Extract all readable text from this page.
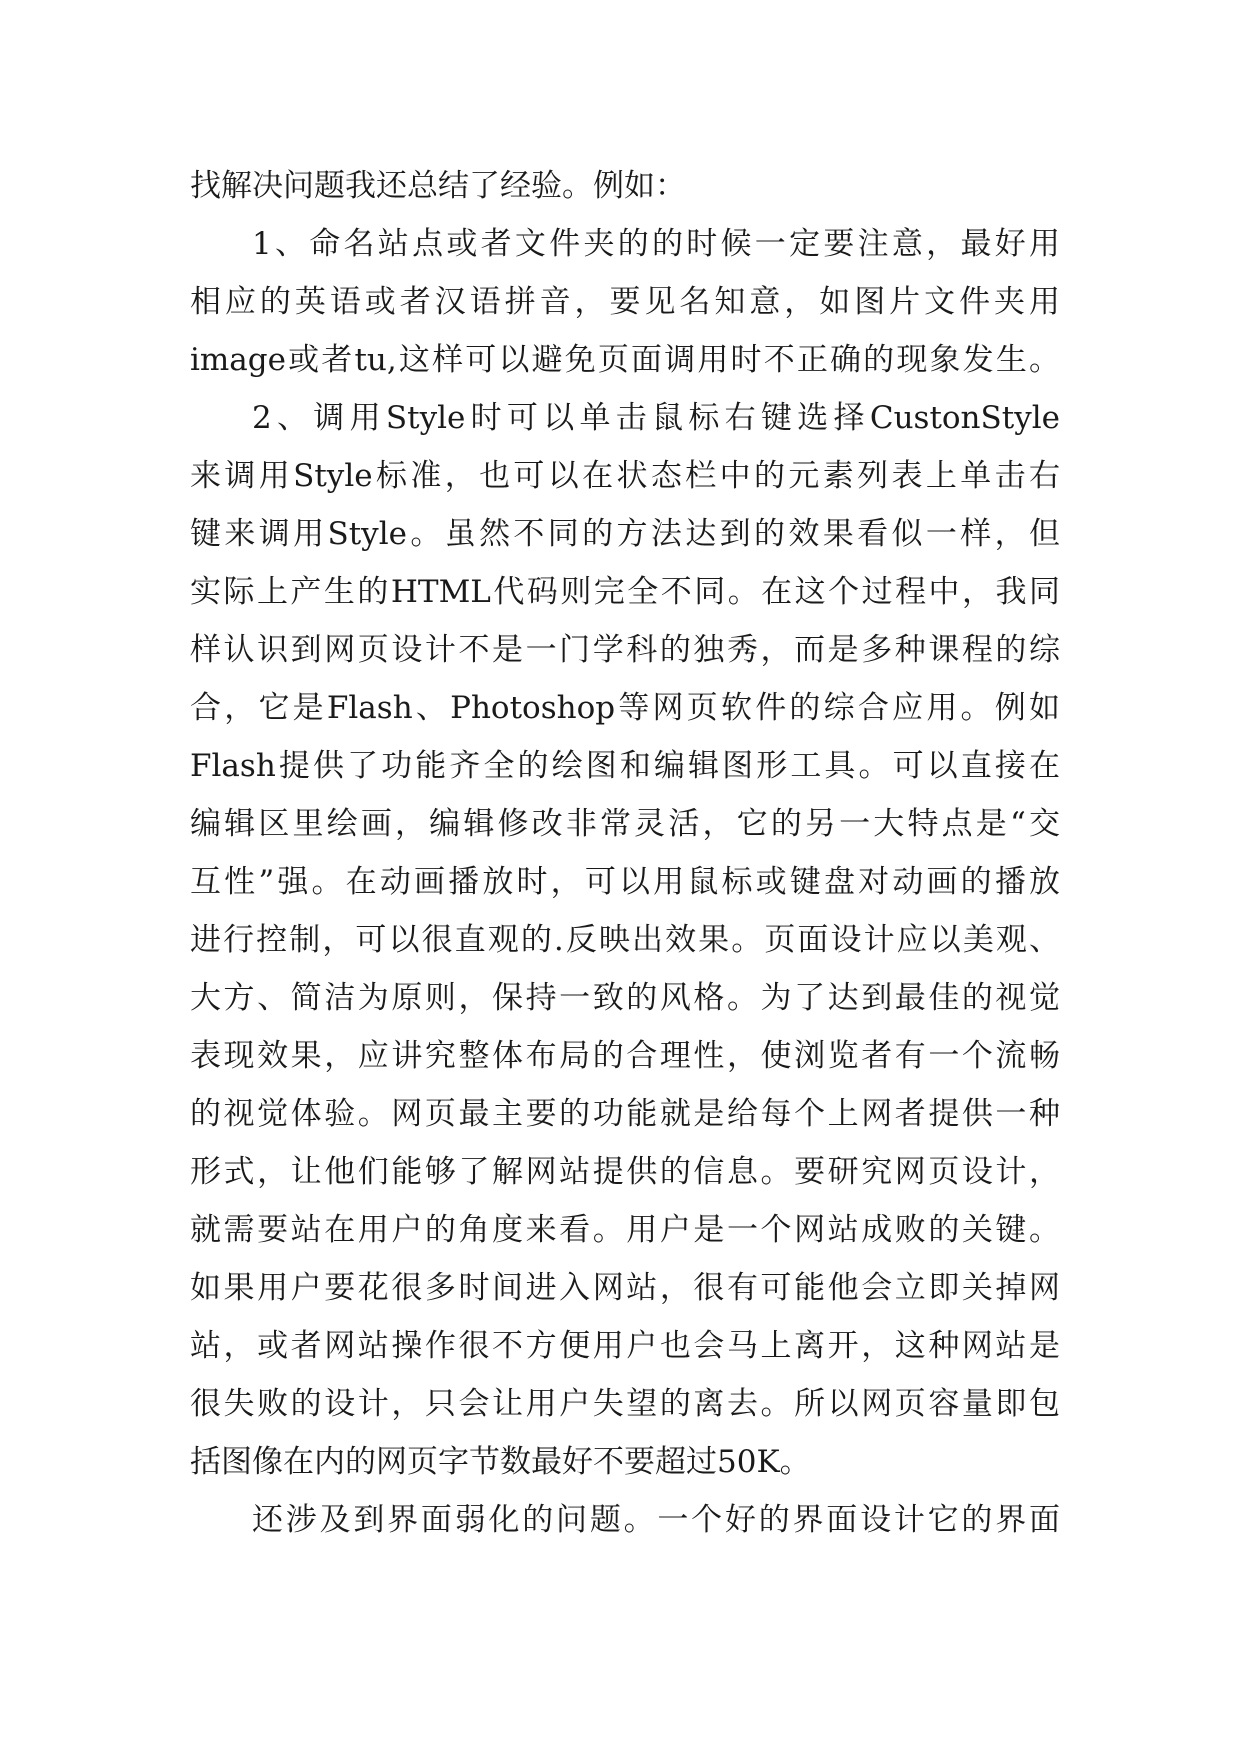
找解决问题我还总结了经验。例如：
1、命名站点或者文件夹的的时候一定要注意，最好用
相应的英语或者汉语拼音，要见名知意，如图片文件夹用
image或者tu,这样可以避免页面调用时不正确的现象发生。
2、调用Style时可以单击鼠标右键选择CustonStyle
来调用Style标准，也可以在状态栏中的元素列表上单击右
键来调用Style。虽然不同的方法达到的效果看似一样，但
实际上产生的HTML代码则完全不同。在这个过程中，我同
样认识到网页设计不是一门学科的独秀，而是多种课程的综
合，它是Flash、Photoshop等网页软件的综合应用。例如
Flash提供了功能齐全的绘图和编辑图形工具。可以直接在
编辑区里绘画，编辑修改非常灵活，它的另一大特点是“交
互性”强。在动画播放时，可以用鼠标或键盘对动画的播放
进行控制，可以很直观的.反映出效果。页面设计应以美观、
大方、简洁为原则，保持一致的风格。为了达到最佳的视觉
表现效果，应讲究整体布局的合理性，使浏览者有一个流畅
的视觉体验。网页最主要的功能就是给每个上网者提供一种
形式，让他们能够了解网站提供的信息。要研究网页设计，
就需要站在用户的角度来看。用户是一个网站成败的关键。
如果用户要花很多时间进入网站，很有可能他会立即关掉网
站，或者网站操作很不方便用户也会马上离开，这种网站是
很失败的设计，只会让用户失望的离去。所以网页容量即包
括图像在内的网页字节数最好不要超过50K。
还涉及到界面弱化的问题。一个好的界面设计它的界面
